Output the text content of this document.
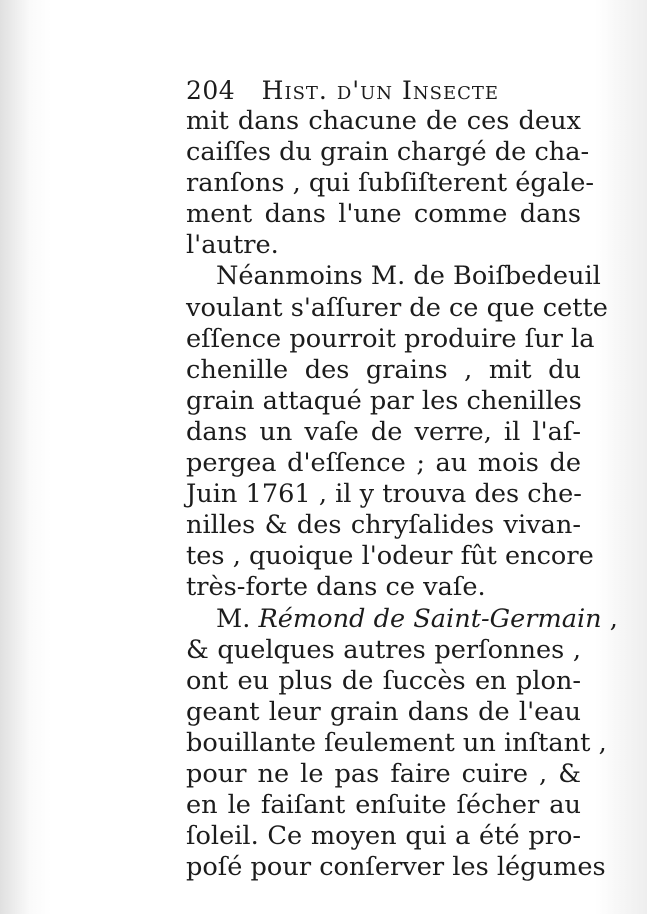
204 Hist. d'un Insecte
mit dans chacune de ces deux
caiſſes du grain chargé de cha-
ranſons , qui ſubſiſterent égale-
ment dans l'une comme dans
l'autre.
Néanmoins M. de Boiſbedeuil
voulant s'aſſurer de ce que cette
eſſence pourroit produire ſur la
chenille des grains , mit du
grain attaqué par les chenilles
dans un vaſe de verre, il l'aſ-
pergea d'eſſence ; au mois de
Juin 1761 , il y trouva des che-
nilles & des chryſalides vivan-
tes , quoique l'odeur fût encore
très-forte dans ce vaſe.
M. Rémond de Saint-Germain ,
& quelques autres perſonnes ,
ont eu plus de ſuccès en plon-
geant leur grain dans de l'eau
bouillante ſeulement un inſtant ,
pour ne le pas faire cuire , &
en le faiſant enſuite ſécher au
ſoleil. Ce moyen qui a été pro-
poſé pour conſerver les légumes
